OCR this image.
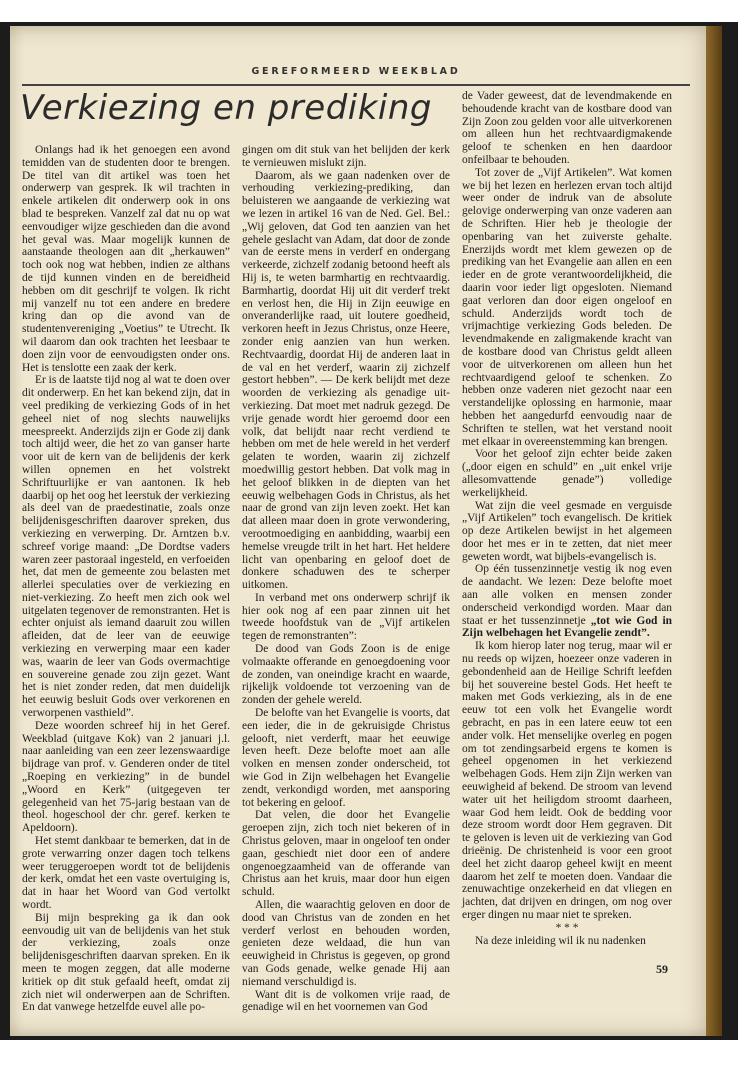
GEREFORMEERD WEEKBLAD
Verkiezing en prediking

Onlangs had ik het genoegen een avond temidden van de studenten door te brengen. De titel van dit artikel was toen het onderwerp van gesprek. Ik wil trachten in enkele artikelen dit onderwerp ook in ons blad te bespreken. Vanzelf zal dat nu op wat eenvoudiger wijze geschieden dan die avond het geval was. Maar mogelijk kunnen de aanstaande theologen aan dit „herkauwen” toch ook nog wat hebben, indien ze althans de tijd kunnen vinden en de bereidheid hebben om dit geschrijf te volgen. Ik richt mij vanzelf nu tot een andere en bredere kring dan op die avond van de studentenvereniging „Voetius” te Utrecht. Ik wil daarom dan ook trachten het leesbaar te doen zijn voor de eenvoudigsten onder ons. Het is tenslotte een zaak der kerk.

Er is de laatste tijd nog al wat te doen over dit onderwerp. En het kan bekend zijn, dat in veel prediking de verkiezing Gods of in het geheel niet of nog slechts nauwelijks meespreekt. Anderzijds zijn er Gode zij dank toch altijd weer, die het zo van ganser harte voor uit de kern van de belijdenis der kerk willen opnemen en het volstrekt Schriftuurlijke er van aantonen. Ik heb daarbij op het oog het leerstuk der verkiezing als deel van de praedestinatie, zoals onze belijdenisgeschriften daarover spreken, dus verkiezing en verwerping. Dr. Arntzen b.v. schreef vorige maand: „De Dordtse vaders waren zeer pastoraal ingesteld, en verfoeiden het, dat men de gemeente zou belasten met allerlei speculaties over de verkiezing en niet-verkiezing. Zo heeft men zich ook wel uitgelaten tegenover de remonstranten. Het is echter onjuist als iemand daaruit zou willen afleiden, dat de leer van de eeuwige verkiezing en verwerping maar een kader was, waarin de leer van Gods overmachtige en souvereine genade zou zijn gezet. Want het is niet zonder reden, dat men duidelijk het eeuwig besluit Gods over verkorenen en verworpenen vasthield”.

Deze woorden schreef hij in het Geref. Weekblad (uitgave Kok) van 2 januari j.l. naar aanleiding van een zeer lezenswaardige bijdrage van prof. v. Genderen onder de titel „Roeping en verkiezing” in de bundel „Woord en Kerk” (uitgegeven ter gelegenheid van het 75-jarig bestaan van de theol. hogeschool der chr. geref. kerken te Apeldoorn).

Het stemt dankbaar te bemerken, dat in de grote verwarring onzer dagen toch telkens weer teruggeroepen wordt tot de belijdenis der kerk, omdat het een vaste overtuiging is, dat in haar het Woord van God vertolkt wordt.

Bij mijn bespreking ga ik dan ook eenvoudig uit van de belijdenis van het stuk der verkiezing, zoals onze belijdenisgeschriften daarvan spreken. En ik meen te mogen zeggen, dat alle moderne kritiek op dit stuk gefaald heeft, omdat zij zich niet wil onderwerpen aan de Schriften. En dat vanwege hetzelfde euvel alle po-

gingen om dit stuk van het belijden der kerk te vernieuwen mislukt zijn.

Daarom, als we gaan nadenken over de verhouding verkiezing-prediking, dan beluisteren we aangaande de verkiezing wat we lezen in artikel 16 van de Ned. Gel. Bel.: „Wij geloven, dat God ten aanzien van het gehele geslacht van Adam, dat door de zonde van de eerste mens in verderf en ondergang verkeerde, zichzelf zodanig betoond heeft als Hij is, te weten barmhartig en rechtvaardig. Barmhartig, doordat Hij uit dit verderf trekt en verlost hen, die Hij in Zijn eeuwige en onveranderlijke raad, uit loutere goedheid, verkoren heeft in Jezus Christus, onze Heere, zonder enig aanzien van hun werken. Rechtvaardig, doordat Hij de anderen laat in de val en het verderf, waarin zij zichzelf gestort hebben”. — De kerk belijdt met deze woorden de verkiezing als genadige uit-verkiezing. Dat moet met nadruk gezegd. De vrije genade wordt hier geroemd door een volk, dat belijdt naar recht verdiend te hebben om met de hele wereld in het verderf gelaten te worden, waarin zij zichzelf moedwillig gestort hebben. Dat volk mag in het geloof blikken in de diepten van het eeuwig welbehagen Gods in Christus, als het naar de grond van zijn leven zoekt. Het kan dat alleen maar doen in grote verwondering, verootmoediging en aanbidding, waarbij een hemelse vreugde trilt in het hart. Het heldere licht van openbaring en geloof doet de donkere schaduwen des te scherper uitkomen.

In verband met ons onderwerp schrijf ik hier ook nog af een paar zinnen uit het tweede hoofdstuk van de „Vijf artikelen tegen de remonstranten”:

De dood van Gods Zoon is de enige volmaakte offerande en genoegdoening voor de zonden, van oneindige kracht en waarde, rijkelijk voldoende tot verzoening van de zonden der gehele wereld.

De belofte van het Evangelie is voorts, dat een ieder, die in de gekruisigde Christus gelooft, niet verderft, maar het eeuwige leven heeft. Deze belofte moet aan alle volken en mensen zonder onderscheid, tot wie God in Zijn welbehagen het Evangelie zendt, verkondigd worden, met aansporing tot bekering en geloof.

Dat velen, die door het Evangelie geroepen zijn, zich toch niet bekeren of in Christus geloven, maar in ongeloof ten onder gaan, geschiedt niet door een of andere ongenoegzaamheid van de offerande van Christus aan het kruis, maar door hun eigen schuld.

Allen, die waarachtig geloven en door de dood van Christus van de zonden en het verderf verlost en behouden worden, genieten deze weldaad, die hun van eeuwigheid in Christus is gegeven, op grond van Gods genade, welke genade Hij aan niemand verschuldigd is.

Want dit is de volkomen vrije raad, de genadige wil en het voornemen van God

de Vader geweest, dat de levendmakende en behoudende kracht van de kostbare dood van Zijn Zoon zou gelden voor alle uitverkorenen om alleen hun het rechtvaardigmakende geloof te schenken en hen daardoor onfeilbaar te behouden.

Tot zover de „Vijf Artikelen”. Wat komen we bij het lezen en herlezen ervan toch altijd weer onder de indruk van de absolute gelovige onderwerping van onze vaderen aan de Schriften. Hier heb je theologie der openbaring van het zuiverste gehalte. Enerzijds wordt met klem gewezen op de prediking van het Evangelie aan allen en een ieder en de grote verantwoordelijkheid, die daarin voor ieder ligt opgesloten. Niemand gaat verloren dan door eigen ongeloof en schuld. Anderzijds wordt toch de vrijmachtige verkiezing Gods beleden. De levendmakende en zaligmakende kracht van de kostbare dood van Christus geldt alleen voor de uitverkorenen om alleen hun het rechtvaardigend geloof te schenken. Zo hebben onze vaderen niet gezocht naar een verstandelijke oplossing en harmonie, maar hebben het aangedurfd eenvoudig naar de Schriften te stellen, wat het verstand nooit met elkaar in overeenstemming kan brengen.

Voor het geloof zijn echter beide zaken („door eigen en schuld” en „uit enkel vrije allesomvattende genade”) volledige werkelijkheid.

Wat zijn die veel gesmade en verguisde „Vijf Artikelen” toch evangelisch. De kritiek op deze Artikelen bewijst in het algemeen door het mes er in te zetten, dat niet meer geweten wordt, wat bijbels-evangelisch is.

Op één tussenzinnetje vestig ik nog even de aandacht. We lezen: Deze belofte moet aan alle volken en mensen zonder onderscheid verkondigd worden. Maar dan staat er het tussenzinnetje „tot wie God in Zijn welbehagen het Evangelie zendt”.

Ik kom hierop later nog terug, maar wil er nu reeds op wijzen, hoezeer onze vaderen in gebondenheid aan de Heilige Schrift leefden bij het souvereine bestel Gods. Het heeft te maken met Gods verkiezing, als in de ene eeuw tot een volk het Evangelie wordt gebracht, en pas in een latere eeuw tot een ander volk. Het menselijke overleg en pogen om tot zendingsarbeid ergens te komen is geheel opgenomen in het verkiezend welbehagen Gods. Hem zijn Zijn werken van eeuwigheid af bekend. De stroom van levend water uit het heiligdom stroomt daarheen, waar God hem leidt. Ook de bedding voor deze stroom wordt door Hem gegraven. Dit te geloven is leven uit de verkiezing van God drieënig. De christenheid is voor een groot deel het zicht daarop geheel kwijt en meent daarom het zelf te moeten doen. Vandaar die zenuwachtige onzekerheid en dat vliegen en jachten, dat drijven en dringen, om nog over erger dingen nu maar niet te spreken.

* * *

Na deze inleiding wil ik nu nadenken

59
